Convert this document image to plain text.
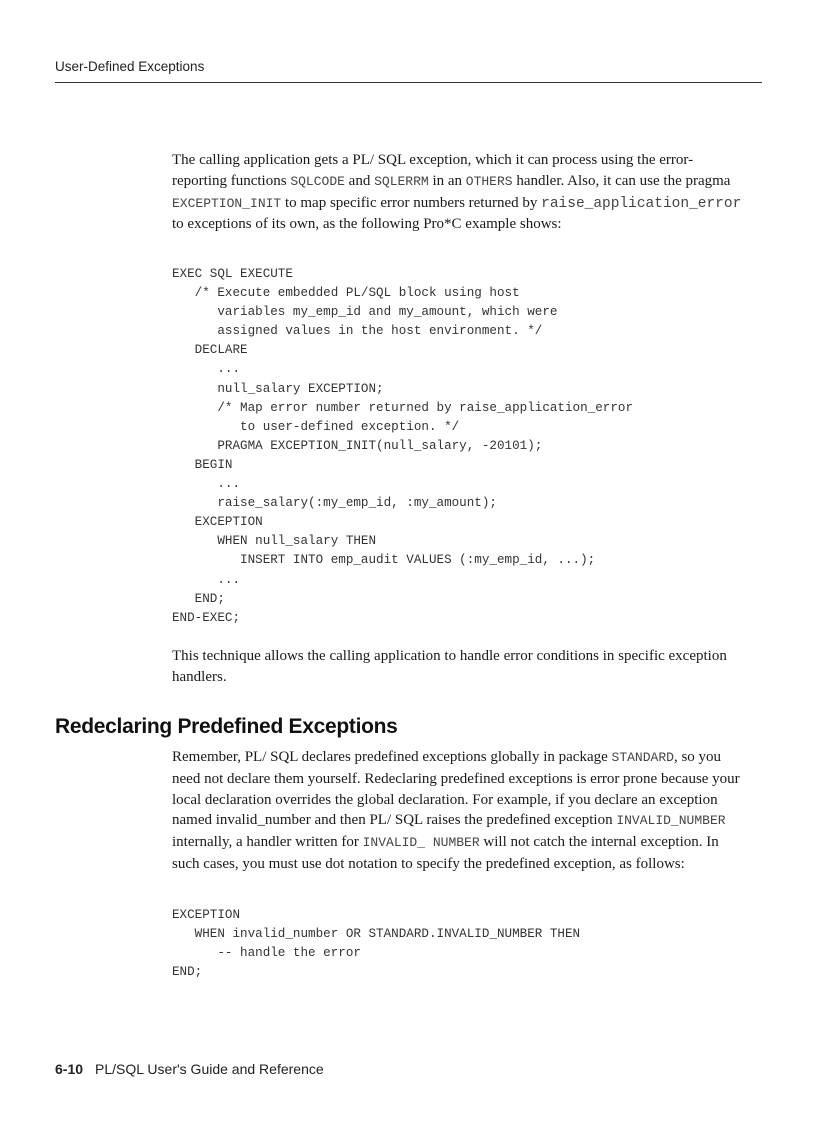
User-Defined Exceptions

The calling application gets a PL/ SQL exception, which it can process using the error-reporting functions SQLCODE and SQLERRM in an OTHERS handler. Also, it can use the pragma EXCEPTION_INIT to map specific error numbers returned by raise_application_error to exceptions of its own, as the following Pro*C example shows:

EXEC SQL EXECUTE
/* Execute embedded PL/SQL block using host
variables my_emp_id and my_amount, which were
assigned values in the host environment. */
DECLARE
...
null_salary EXCEPTION;
/* Map error number returned by raise_application_error
to user-defined exception. */
PRAGMA EXCEPTION_INIT(null_salary, -20101);
BEGIN
...
raise_salary(:my_emp_id, :my_amount);
EXCEPTION
WHEN null_salary THEN
INSERT INTO emp_audit VALUES (:my_emp_id, ...);
...
END;
END-EXEC;

This technique allows the calling application to handle error conditions in specific exception handlers.

Redeclaring Predefined Exceptions

Remember, PL/ SQL declares predefined exceptions globally in package STANDARD, so you need not declare them yourself. Redeclaring predefined exceptions is error prone because your local declaration overrides the global declaration. For example, if you declare an exception named invalid_number and then PL/ SQL raises the predefined exception INVALID_NUMBER internally, a handler written for INVALID_ NUMBER will not catch the internal exception. In such cases, you must use dot notation to specify the predefined exception, as follows:

EXCEPTION
WHEN invalid_number OR STANDARD.INVALID_NUMBER THEN
-- handle the error
END;
6-10 PL/SQL User's Guide and Reference
